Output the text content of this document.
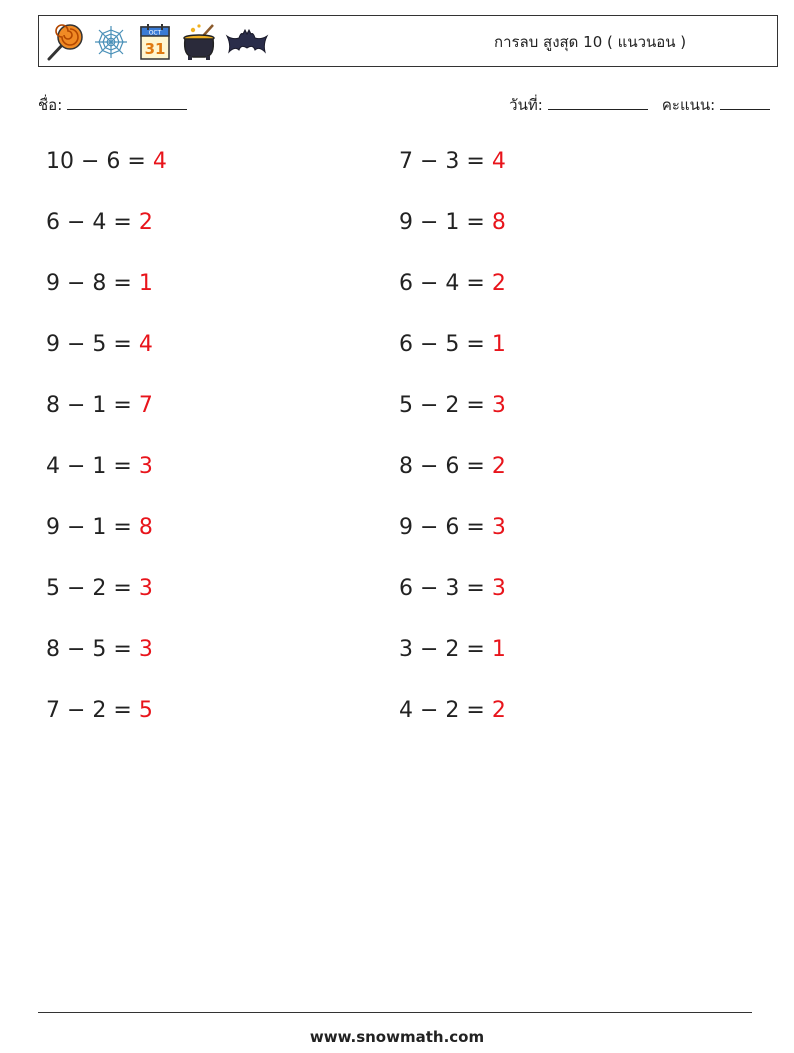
OCT
31	การลบ สูงสุด 10 ( แนวนอน )
ชื่อ:	วันที่:	คะแนน:
10 − 6 = 4	7 − 3 = 4
6 − 4 = 2	9 − 1 = 8
9 − 8 = 1	6 − 4 = 2
9 − 5 = 4	6 − 5 = 1
8 − 1 = 7	5 − 2 = 3
4 − 1 = 3	8 − 6 = 2
9 − 1 = 8	9 − 6 = 3
5 − 2 = 3	6 − 3 = 3
8 − 5 = 3	3 − 2 = 1
7 − 2 = 5	4 − 2 = 2
www.snowmath.com
